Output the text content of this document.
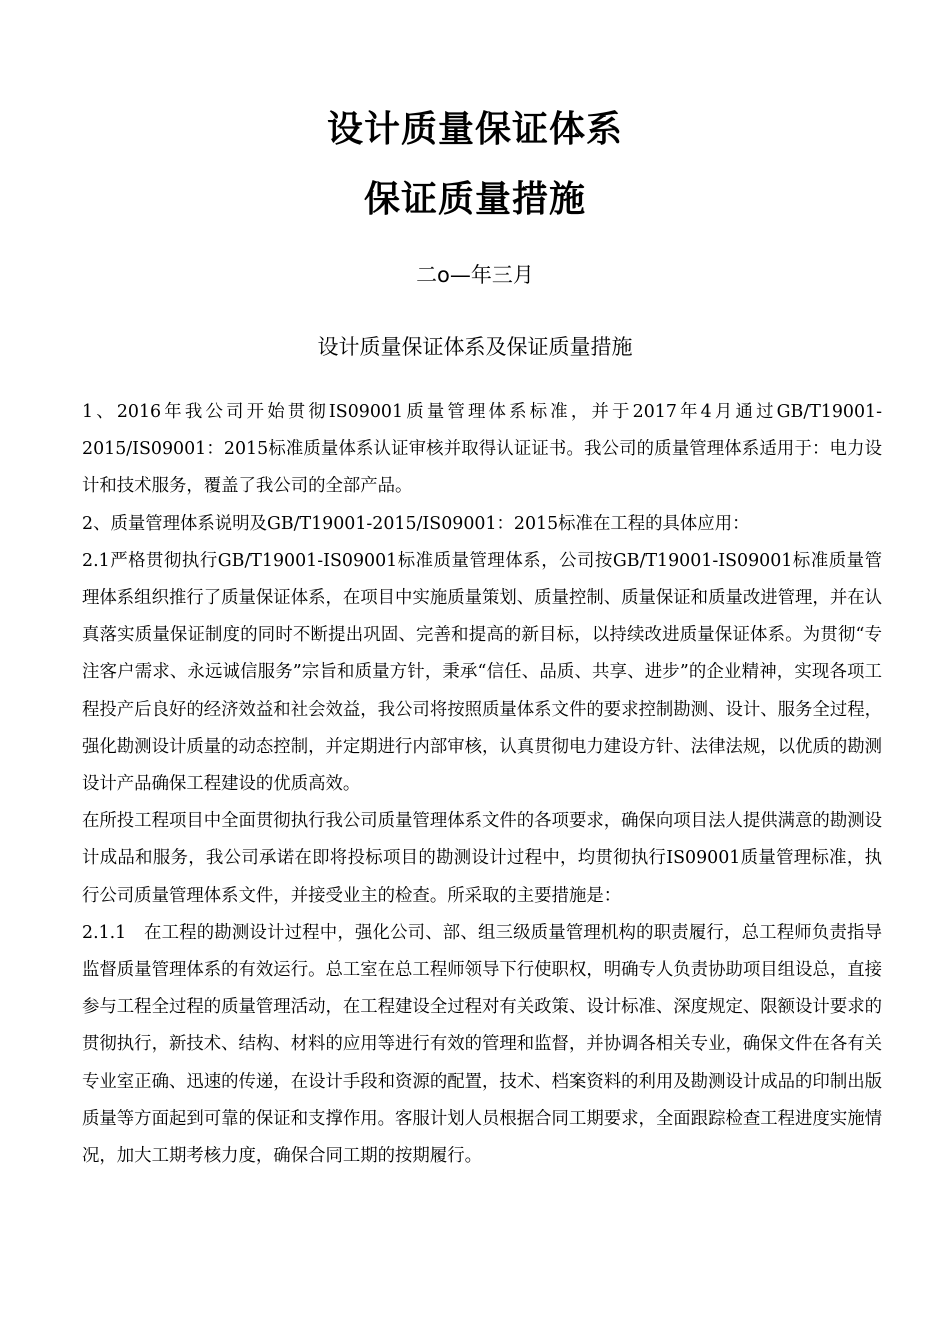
设计质量保证体系
保证质量措施
二o—年三月
设计质量保证体系及保证质量措施

1、2016年我公司开始贯彻IS09001质量管理体系标准，并于2017年4月通过GB/T19001-2015/IS09001：2015标准质量体系认证审核并取得认证证书。我公司的质量管理体系适用于：电力设计和技术服务，覆盖了我公司的全部产品。

2、质量管理体系说明及GB/T19001-2015/IS09001：2015标准在工程的具体应用：

2.1严格贯彻执行GB/T19001-IS09001标准质量管理体系，公司按GB/T19001-IS09001标准质量管理体系组织推行了质量保证体系，在项目中实施质量策划、质量控制、质量保证和质量改进管理，并在认真落实质量保证制度的同时不断提出巩固、完善和提高的新目标，以持续改进质量保证体系。为贯彻“专注客户需求、永远诚信服务”宗旨和质量方针，秉承“信任、品质、共享、进步”的企业精神，实现各项工程投产后良好的经济效益和社会效益，我公司将按照质量体系文件的要求控制勘测、设计、服务全过程，强化勘测设计质量的动态控制，并定期进行内部审核，认真贯彻电力建设方针、法律法规，以优质的勘测设计产品确保工程建设的优质高效。

在所投工程项目中全面贯彻执行我公司质量管理体系文件的各项要求，确保向项目法人提供满意的勘测设计成品和服务，我公司承诺在即将投标项目的勘测设计过程中，均贯彻执行IS09001质量管理标准，执行公司质量管理体系文件，并接受业主的检查。所采取的主要措施是：

2.1.1　在工程的勘测设计过程中，强化公司、部、组三级质量管理机构的职责履行，总工程师负责指导监督质量管理体系的有效运行。总工室在总工程师领导下行使职权，明确专人负责协助项目组设总，直接参与工程全过程的质量管理活动，在工程建设全过程对有关政策、设计标准、深度规定、限额设计要求的贯彻执行，新技术、结构、材料的应用等进行有效的管理和监督，并协调各相关专业，确保文件在各有关专业室正确、迅速的传递，在设计手段和资源的配置，技术、档案资料的利用及勘测设计成品的印制出版质量等方面起到可靠的保证和支撑作用。客服计划人员根据合同工期要求，全面跟踪检查工程进度实施情况，加大工期考核力度，确保合同工期的按期履行。
